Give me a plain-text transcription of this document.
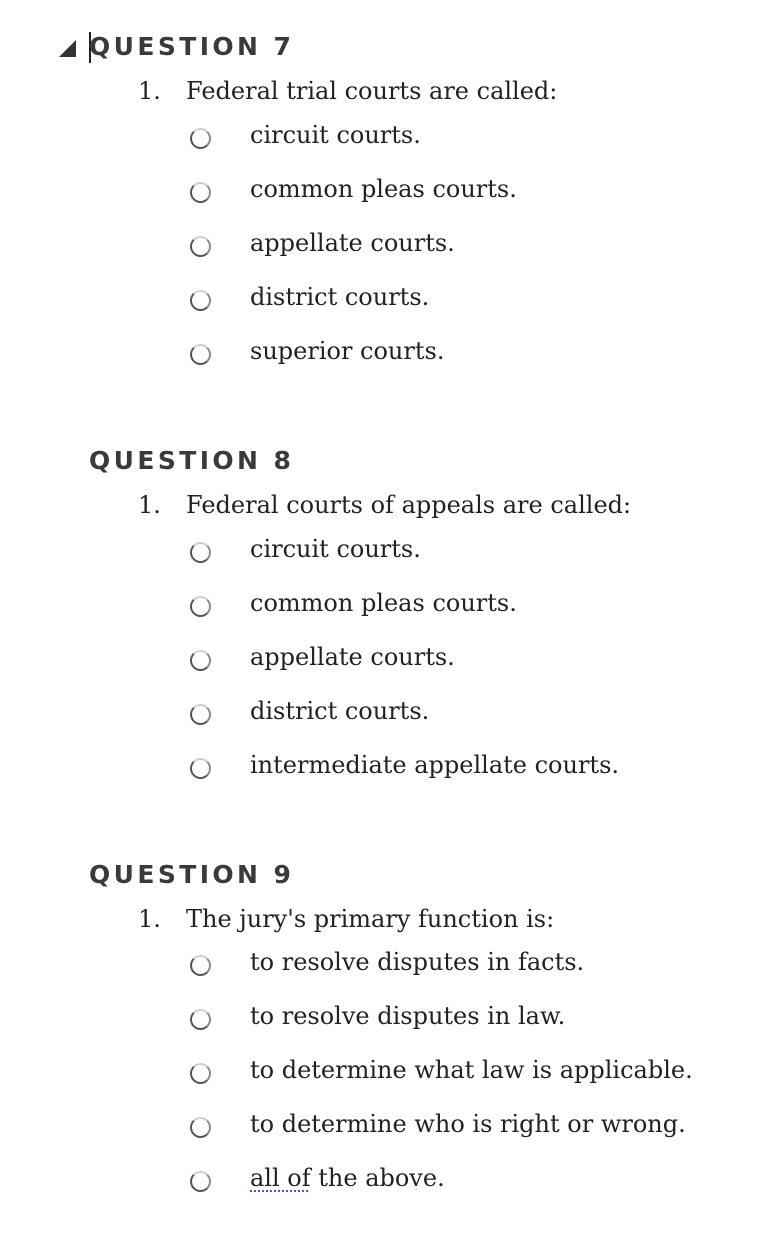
QUESTION 7
1. Federal trial courts are called:
circuit courts.
common pleas courts.
appellate courts.
district courts.
superior courts.
QUESTION 8
1. Federal courts of appeals are called:
circuit courts.
common pleas courts.
appellate courts.
district courts.
intermediate appellate courts.
QUESTION 9
1. The jury's primary function is:
to resolve disputes in facts.
to resolve disputes in law.
to determine what law is applicable.
to determine who is right or wrong.
all of the above.
